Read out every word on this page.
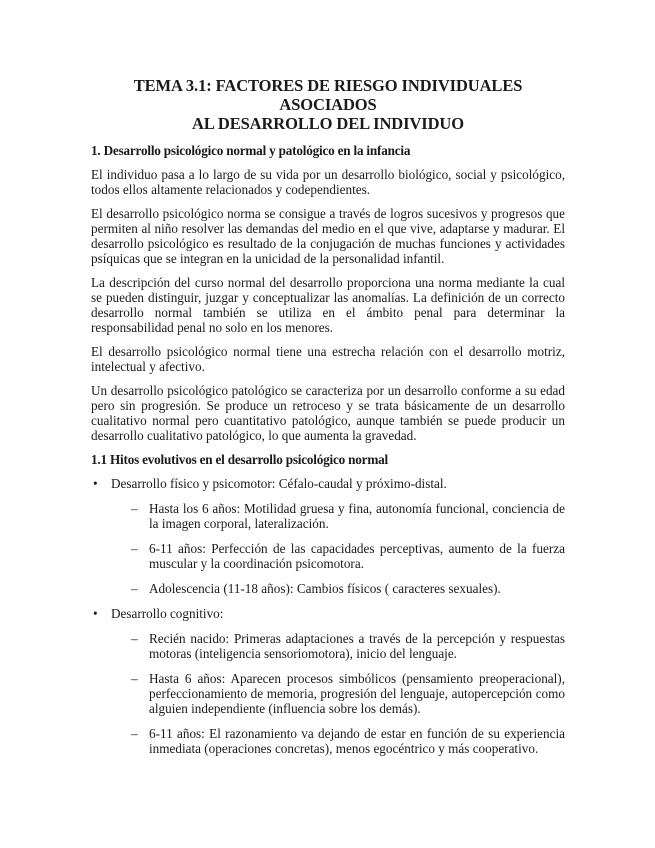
TEMA 3.1: FACTORES DE RIESGO INDIVIDUALES ASOCIADOS
AL DESARROLLO DEL INDIVIDUO
1. Desarrollo psicológico normal y patológico en la infancia

El individuo pasa a lo largo de su vida por un desarrollo biológico, social y psicológico, todos ellos altamente relacionados y codependientes.

El desarrollo psicológico norma se consigue a través de logros sucesivos y progresos que permiten al niño resolver las demandas del medio en el que vive, adaptarse y madurar. El desarrollo psicológico es resultado de la conjugación de muchas funciones y actividades psíquicas que se integran en la unicidad de la personalidad infantil.

La descripción del curso normal del desarrollo proporciona una norma mediante la cual se pueden distinguir, juzgar y conceptualizar las anomalías. La definición de un correcto desarrollo normal también se utiliza en el ámbito penal para determinar la responsabilidad penal no solo en los menores.

El desarrollo psicológico normal tiene una estrecha relación con el desarrollo motriz, intelectual y afectivo.

Un desarrollo psicológico patológico se caracteriza por un desarrollo conforme a su edad pero sin progresión. Se produce un retroceso y se trata básicamente de un desarrollo cualitativo normal pero cuantitativo patológico, aunque también se puede producir un desarrollo cualitativo patológico, lo que aumenta la gravedad.

1.1 Hitos evolutivos en el desarrollo psicológico normal
• Desarrollo físico y psicomotor: Céfalo-caudal y próximo-distal.
– Hasta los 6 años: Motilidad gruesa y fina, autonomía funcional, conciencia de la imagen corporal, lateralización.
– 6-11 años: Perfección de las capacidades perceptivas, aumento de la fuerza muscular y la coordinación psicomotora.
– Adolescencia (11-18 años): Cambios físicos ( caracteres sexuales).
• Desarrollo cognitivo:
– Recién nacido: Primeras adaptaciones a través de la percepción y respuestas motoras (inteligencia sensoriomotora), inicio del lenguaje.
– Hasta 6 años: Aparecen procesos simbólicos (pensamiento preoperacional), perfeccionamiento de memoria, progresión del lenguaje, autopercepción como alguien independiente (influencia sobre los demás).
– 6-11 años: El razonamiento va dejando de estar en función de su experiencia inmediata (operaciones concretas), menos egocéntrico y más cooperativo.
